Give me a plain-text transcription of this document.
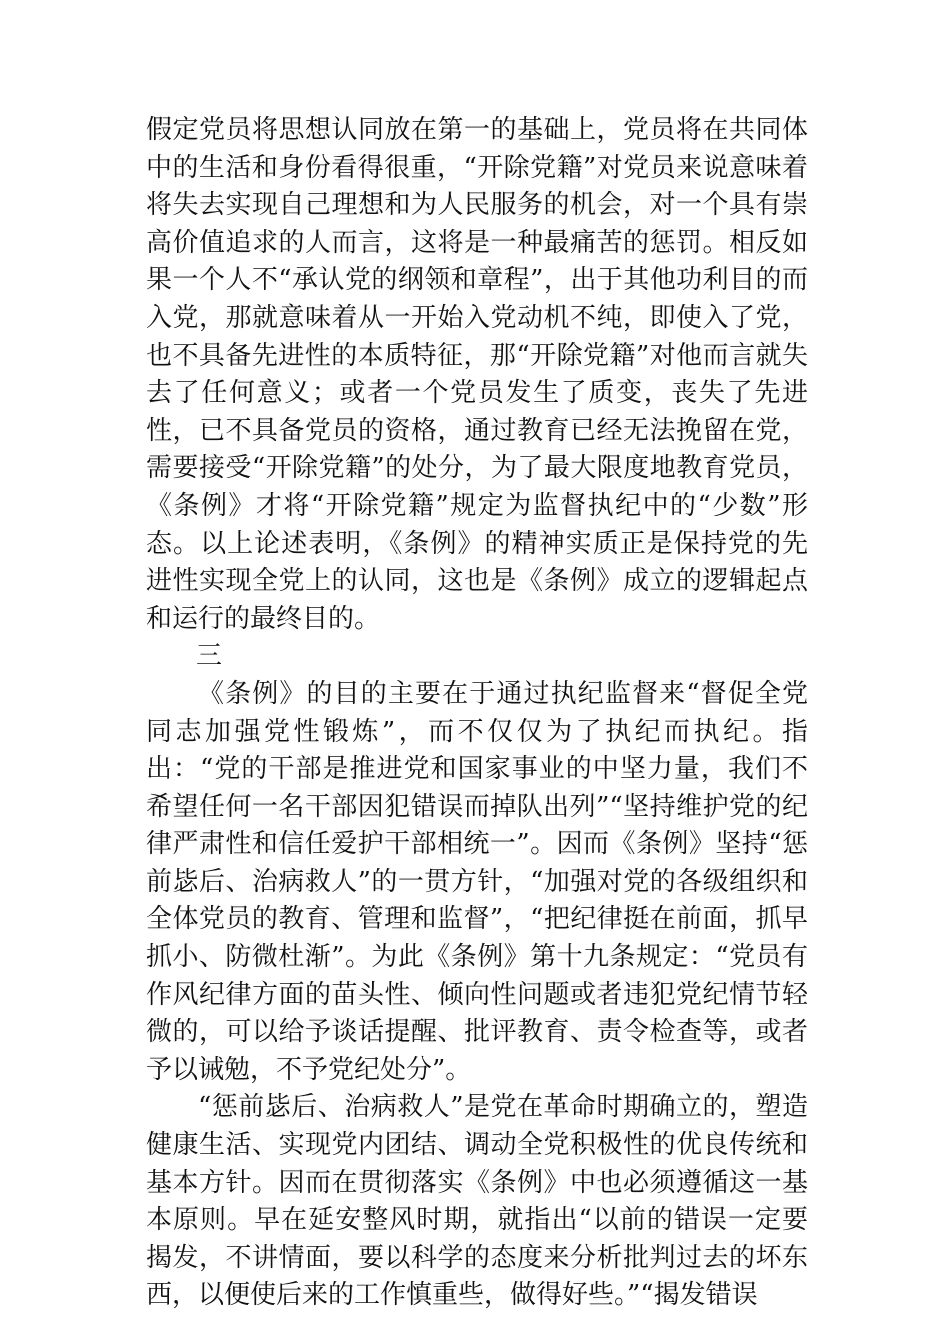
假定党员将思想认同放在第一的基础上，党员将在共同体中的生活和身份看得很重，“开除党籍”对党员来说意味着将失去实现自己理想和为人民服务的机会，对一个具有崇高价值追求的人而言，这将是一种最痛苦的惩罚。相反如果一个人不“承认党的纲领和章程”，出于其他功利目的而入党，那就意味着从一开始入党动机不纯，即使入了党，也不具备先进性的本质特征，那“开除党籍”对他而言就失去了任何意义；或者一个党员发生了质变，丧失了先进性，已不具备党员的资格，通过教育已经无法挽留在党，需要接受“开除党籍”的处分，为了最大限度地教育党员，《条例》才将“开除党籍”规定为监督执纪中的“少数”形态。以上论述表明，《条例》的精神实质正是保持党的先进性实现全党上的认同，这也是《条例》成立的逻辑起点和运行的最终目的。

三

《条例》的目的主要在于通过执纪监督来“督促全党同志加强党性锻炼”，而不仅仅为了执纪而执纪。指出：“党的干部是推进党和国家事业的中坚力量，我们不希望任何一名干部因犯错误而掉队出列”“坚持维护党的纪律严肃性和信任爱护干部相统一”。因而《条例》坚持“惩前毖后、治病救人”的一贯方针，“加强对党的各级组织和全体党员的教育、管理和监督”，“把纪律挺在前面，抓早抓小、防微杜渐”。为此《条例》第十九条规定：“党员有作风纪律方面的苗头性、倾向性问题或者违犯党纪情节轻微的，可以给予谈话提醒、批评教育、责令检查等，或者予以诫勉，不予党纪处分”。

“惩前毖后、治病救人”是党在革命时期确立的，塑造健康生活、实现党内团结、调动全党积极性的优良传统和基本方针。因而在贯彻落实《条例》中也必须遵循这一基本原则。早在延安整风时期，就指出“以前的错误一定要揭发，不讲情面，要以科学的态度来分析批判过去的坏东西，以便使后来的工作慎重些，做得好些。”“揭发错误
